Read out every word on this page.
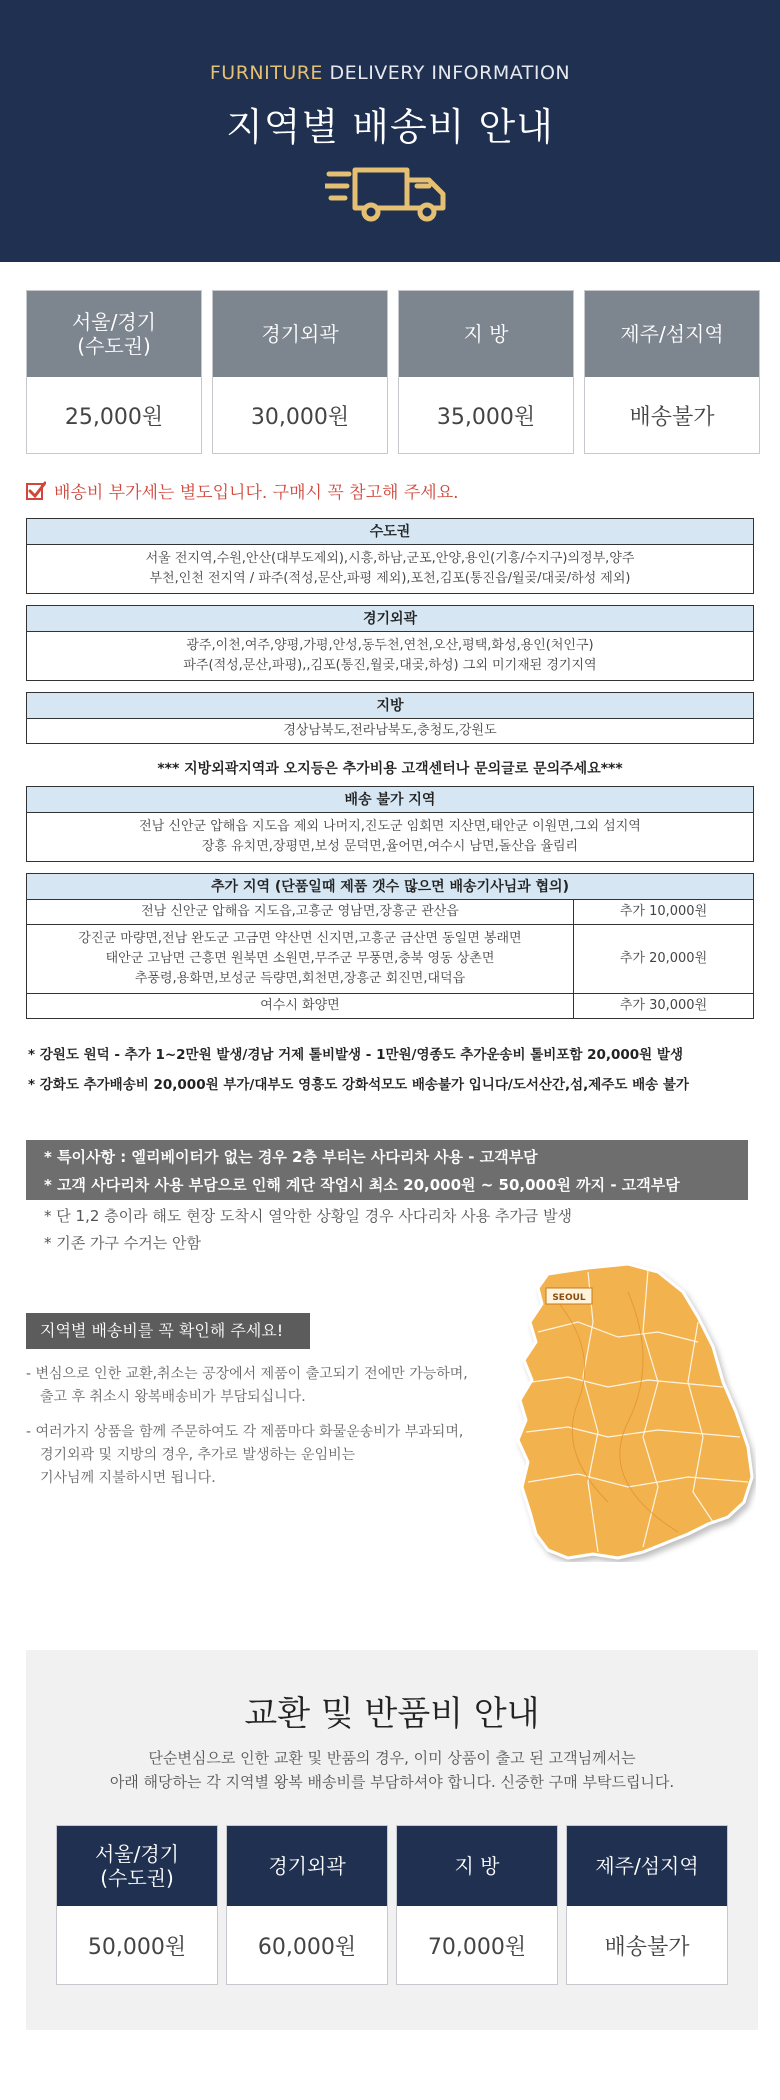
FURNITURE DELIVERY INFORMATION
지역별 배송비 안내
서울/경기
(수도권)
25,000원
경기외곽
30,000원
지 방
35,000원
제주/섬지역
배송불가
배송비 부가세는 별도입니다. 구매시 꼭 참고해 주세요.
수도권
서울 전지역,수원,안산(대부도제외),시흥,하남,군포,안양,용인(기흥/수지구)의정부,양주
부천,인천 전지역 / 파주(적성,문산,파평 제외),포천,김포(통진읍/월곶/대곶/하성 제외)
경기외곽
광주,이천,여주,양평,가평,안성,동두천,연천,오산,평택,화성,용인(처인구)
파주(적성,문산,파평),,김포(통진,월곶,대곶,하성) 그외 미기재된 경기지역
지방
경상남북도,전라남북도,충청도,강원도
*** 지방외곽지역과 오지등은 추가비용 고객센터나 문의글로 문의주세요***
배송 불가 지역
전남 신안군 압해읍 지도읍 제외 나머지,진도군 임회면 지산면,태안군 이원면,그외 섬지역
장흥 유치면,장평면,보성 문덕면,율어면,여수시 남면,돌산읍 율림리
추가 지역 (단품일때 제품 갯수 많으면 배송기사님과 협의)	
전남 신안군 압해읍 지도읍,고흥군 영남면,장흥군 관산읍	추가 10,000원
강진군 마량면,전남 완도군 고금면 약산면 신지면,고흥군 금산면 동일면 봉래면
태안군 고남면 근흥면 원북면 소원면,무주군 무풍면,충북 영동 상촌면
추풍령,용화면,보성군 득량면,회천면,장흥군 회진면,대덕읍	추가 20,000원
여수시 화양면	추가 30,000원
* 강원도 원덕 - 추가 1~2만원 발생/경남 거제 톨비발생 - 1만원/영종도 추가운송비 톨비포함 20,000원 발생
* 강화도 추가배송비 20,000원 부가/대부도 영흥도 강화석모도 배송불가 입니다/도서산간,섬,제주도 배송 불가
* 특이사항 : 엘리베이터가 없는 경우 2층 부터는 사다리차 사용 - 고객부담
* 고객 사다리차 사용 부담으로 인해 계단 작업시 최소 20,000원 ~ 50,000원 까지 - 고객부담
* 단 1,2 층이라 해도 현장 도착시 열악한 상황일 경우 사다리차 사용 추가금 발생
* 기존 가구 수거는 안함
지역별 배송비를 꼭 확인해 주세요!
- 변심으로 인한 교환,취소는 공장에서 제품이 출고되기 전에만 가능하며,
출고 후 취소시 왕복배송비가 부담되십니다.
- 여러가지 상품을 함께 주문하여도 각 제품마다 화물운송비가 부과되며,
경기외곽 및 지방의 경우, 추가로 발생하는 운임비는
기사님께 지불하시면 됩니다.
SEOUL
교환 및 반품비 안내
단순변심으로 인한 교환 및 반품의 경우, 이미 상품이 출고 된 고객님께서는
아래 해당하는 각 지역별 왕복 배송비를 부담하셔야 합니다. 신중한 구매 부탁드립니다.
서울/경기
(수도권)
50,000원
경기외곽
60,000원
지 방
70,000원
제주/섬지역
배송불가
